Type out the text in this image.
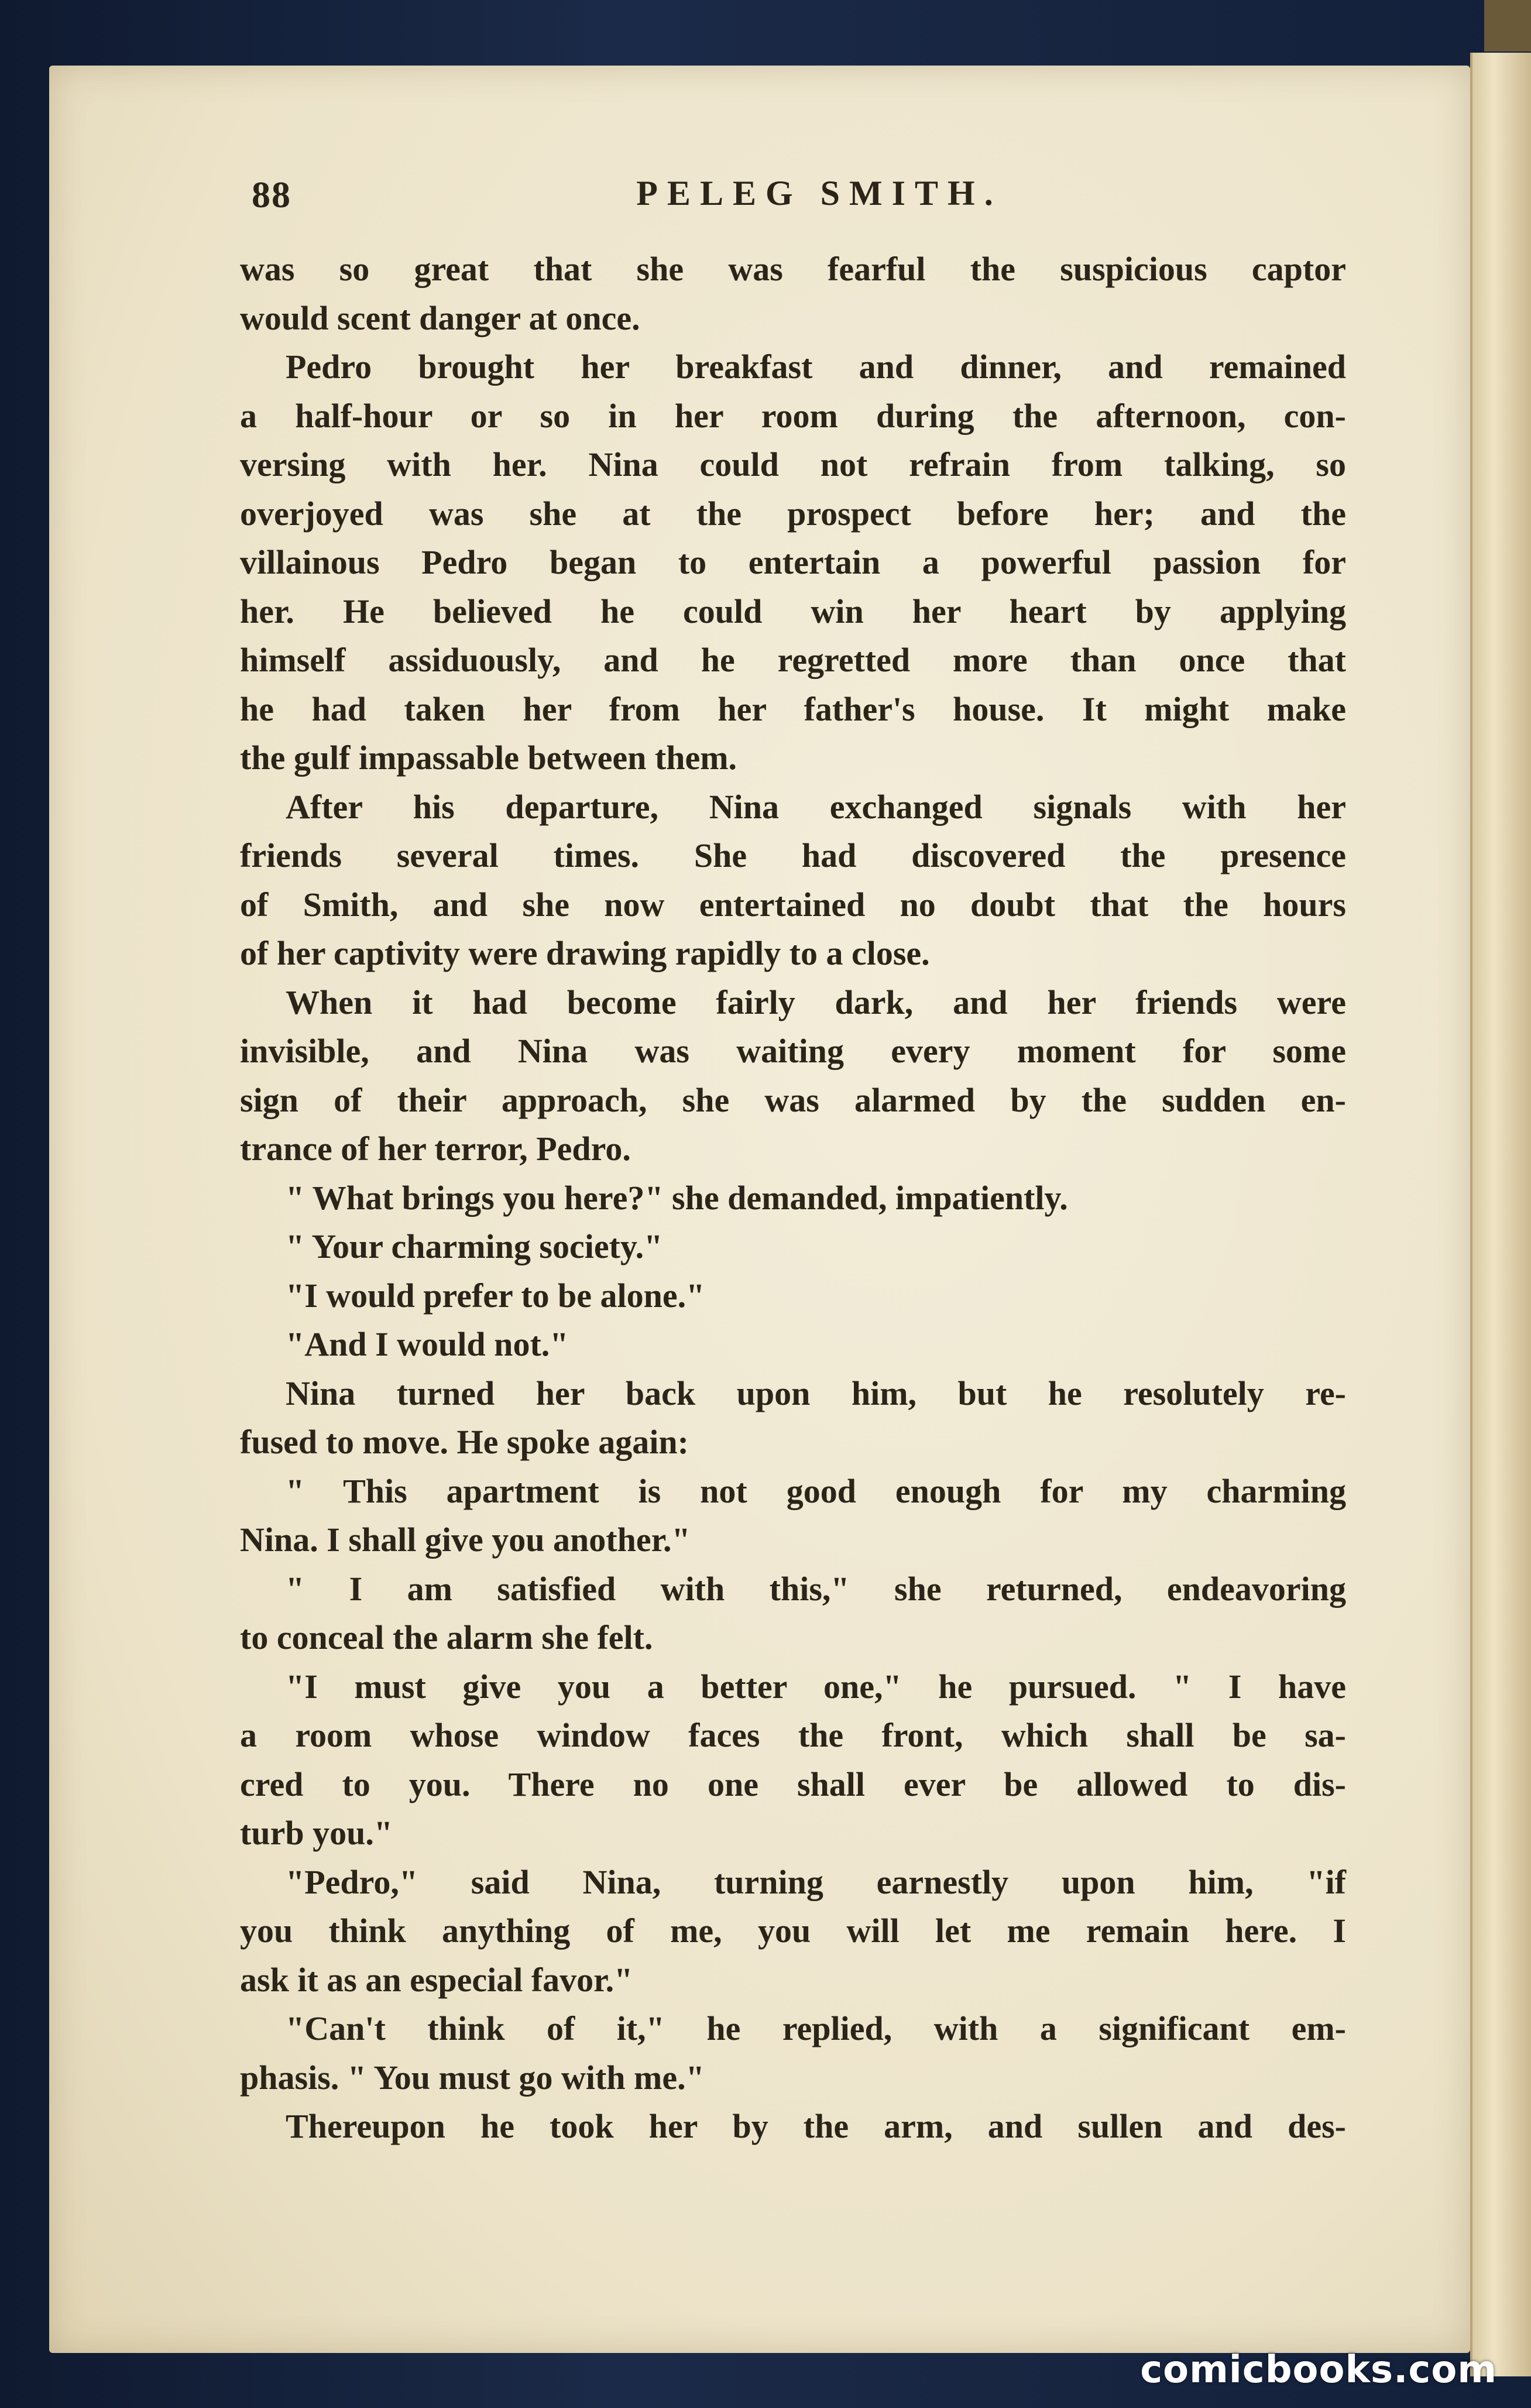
88	PELEG SMITH.
was so great that she was fearful the suspicious captor
would scent danger at once.
Pedro brought her breakfast and dinner, and remained
a half-hour or so in her room during the afternoon, con-
versing with her. Nina could not refrain from talking, so
overjoyed was she at the prospect before her; and the
villainous Pedro began to entertain a powerful passion for
her. He believed he could win her heart by applying
himself assiduously, and he regretted more than once that
he had taken her from her father's house. It might make
the gulf impassable between them.
After his departure, Nina exchanged signals with her
friends several times. She had discovered the presence
of Smith, and she now entertained no doubt that the hours
of her captivity were drawing rapidly to a close.
When it had become fairly dark, and her friends were
invisible, and Nina was waiting every moment for some
sign of their approach, she was alarmed by the sudden en-
trance of her terror, Pedro.
" What brings you here?" she demanded, impatiently.
" Your charming society."
"I would prefer to be alone."
"And I would not."
Nina turned her back upon him, but he resolutely re-
fused to move. He spoke again:
" This apartment is not good enough for my charming
Nina. I shall give you another."
" I am satisfied with this," she returned, endeavoring
to conceal the alarm she felt.
"I must give you a better one," he pursued. " I have
a room whose window faces the front, which shall be sa-
cred to you. There no one shall ever be allowed to dis-
turb you."
"Pedro," said Nina, turning earnestly upon him, "if
you think anything of me, you will let me remain here. I
ask it as an especial favor."
"Can't think of it," he replied, with a significant em-
phasis. " You must go with me."
Thereupon he took her by the arm, and sullen and des-
comicbooks.com
